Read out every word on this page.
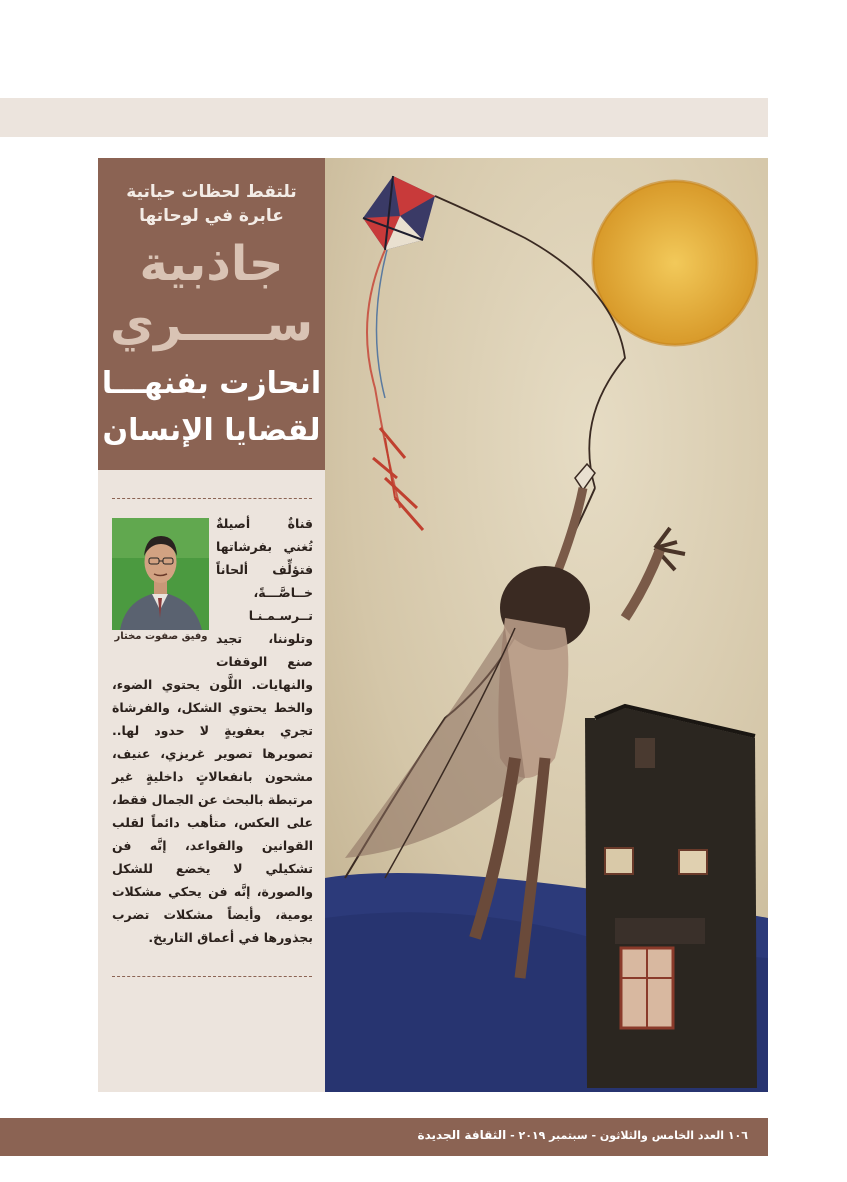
تلتقط لحظات حياتية
عابرة في لوحاتها
جاذبية
ســـــري
انحازت بفنهـــا
لقضايا الإنسان
وفيق صفوت مختار
قناةٌ أصيلةٌ تُغني بفرشاتها فتؤلِّف ألحاناً خــاصَّـــةً، تــرسـمـنـا وتلوننا، تجيد صنع الوقفات والنهايات. اللَّون يحتوي الضوء، والخط يحتوي الشكل، والفرشاة تجري بعفويةٍ لا حدود لها.. تصويرها تصوير غريزي، عنيف، مشحون بانفعالاتٍ داخليةٍ غير مرتبطة بالبحث عن الجمال فقط، على العكس، متأهب دائماً لقلب القوانين والقواعد، إنَّه فن تشكيلي لا يخضع للشكل والصورة، إنَّه فن يحكي مشكلات يومية، وأيضاً مشكلات تضرب بجذورها في أعماق التاريخ.
١٠٦ العدد الخامس والثلاثون - سبتمبر ٢٠١٩ - الثقافة الجديدة
